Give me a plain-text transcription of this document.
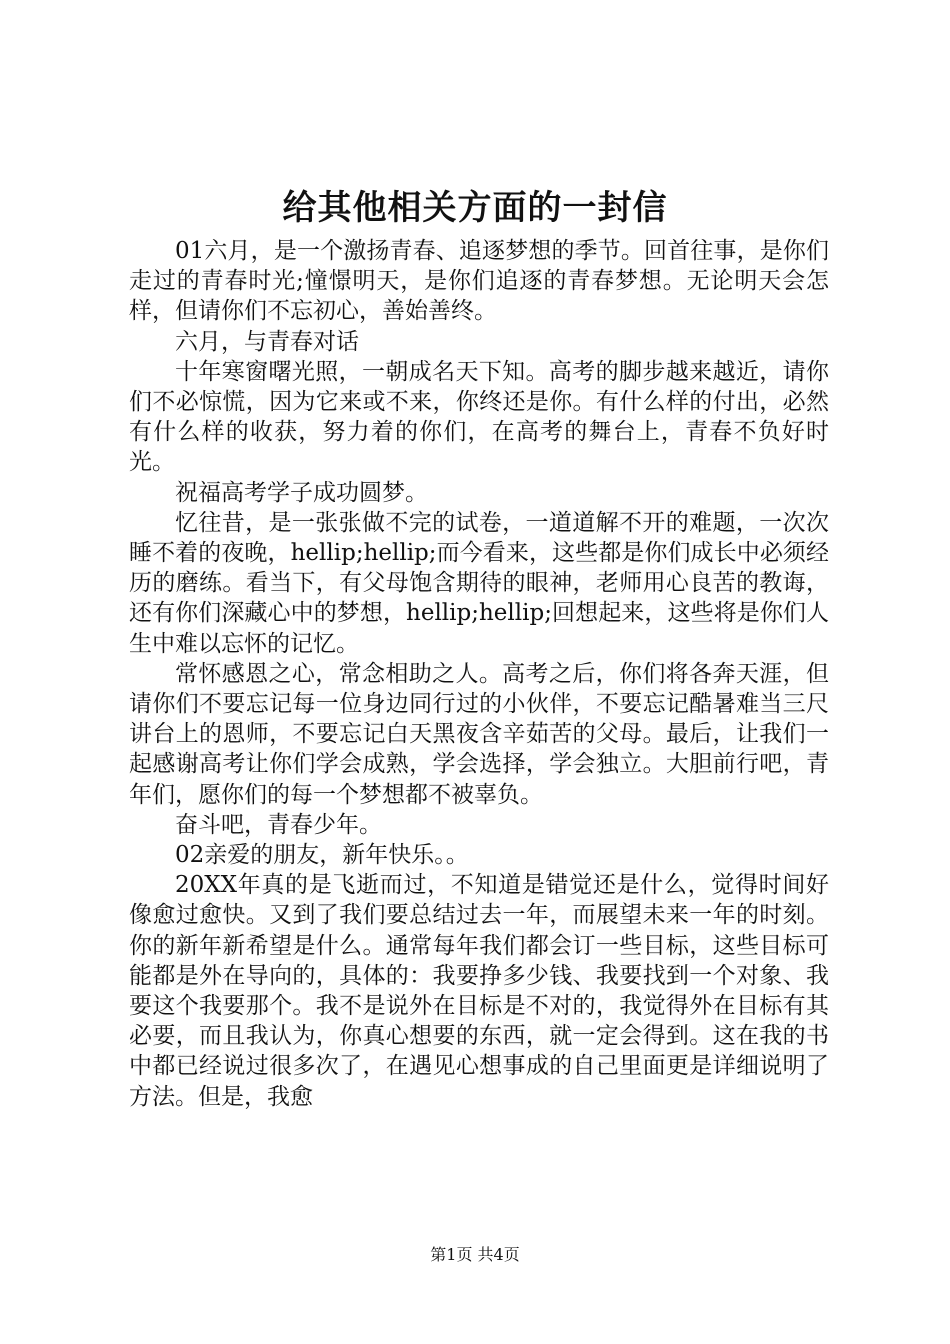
给其他相关方面的一封信

01六月，是一个激扬青春、追逐梦想的季节。回首往事，是你们走过的青春时光;憧憬明天，是你们追逐的青春梦想。无论明天会怎样，但请你们不忘初心，善始善终。

六月，与青春对话

十年寒窗曙光照，一朝成名天下知。高考的脚步越来越近，请你们不必惊慌，因为它来或不来，你终还是你。有什么样的付出，必然有什么样的收获，努力着的你们，在高考的舞台上，青春不负好时光。

祝福高考学子成功圆梦。

忆往昔，是一张张做不完的试卷，一道道解不开的难题，一次次睡不着的夜晚，hellip;hellip;而今看来，这些都是你们成长中必须经历的磨练。看当下，有父母饱含期待的眼神，老师用心良苦的教诲，还有你们深藏心中的梦想，hellip;hellip;回想起来，这些将是你们人生中难以忘怀的记忆。

常怀感恩之心，常念相助之人。高考之后，你们将各奔天涯，但请你们不要忘记每一位身边同行过的小伙伴，不要忘记酷暑难当三尺讲台上的恩师，不要忘记白天黑夜含辛茹苦的父母。最后，让我们一起感谢高考让你们学会成熟，学会选择，学会独立。大胆前行吧，青年们，愿你们的每一个梦想都不被辜负。

奋斗吧，青春少年。

02亲爱的朋友，新年快乐。。

20XX年真的是飞逝而过，不知道是错觉还是什么，觉得时间好像愈过愈快。又到了我们要总结过去一年，而展望未来一年的时刻。你的新年新希望是什么。通常每年我们都会订一些目标，这些目标可能都是外在导向的，具体的：我要挣多少钱、我要找到一个对象、我要这个我要那个。我不是说外在目标是不对的，我觉得外在目标有其必要，而且我认为，你真心想要的东西，就一定会得到。这在我的书中都已经说过很多次了，在遇见心想事成的自己里面更是详细说明了方法。但是，我愈

第1页 共4页
